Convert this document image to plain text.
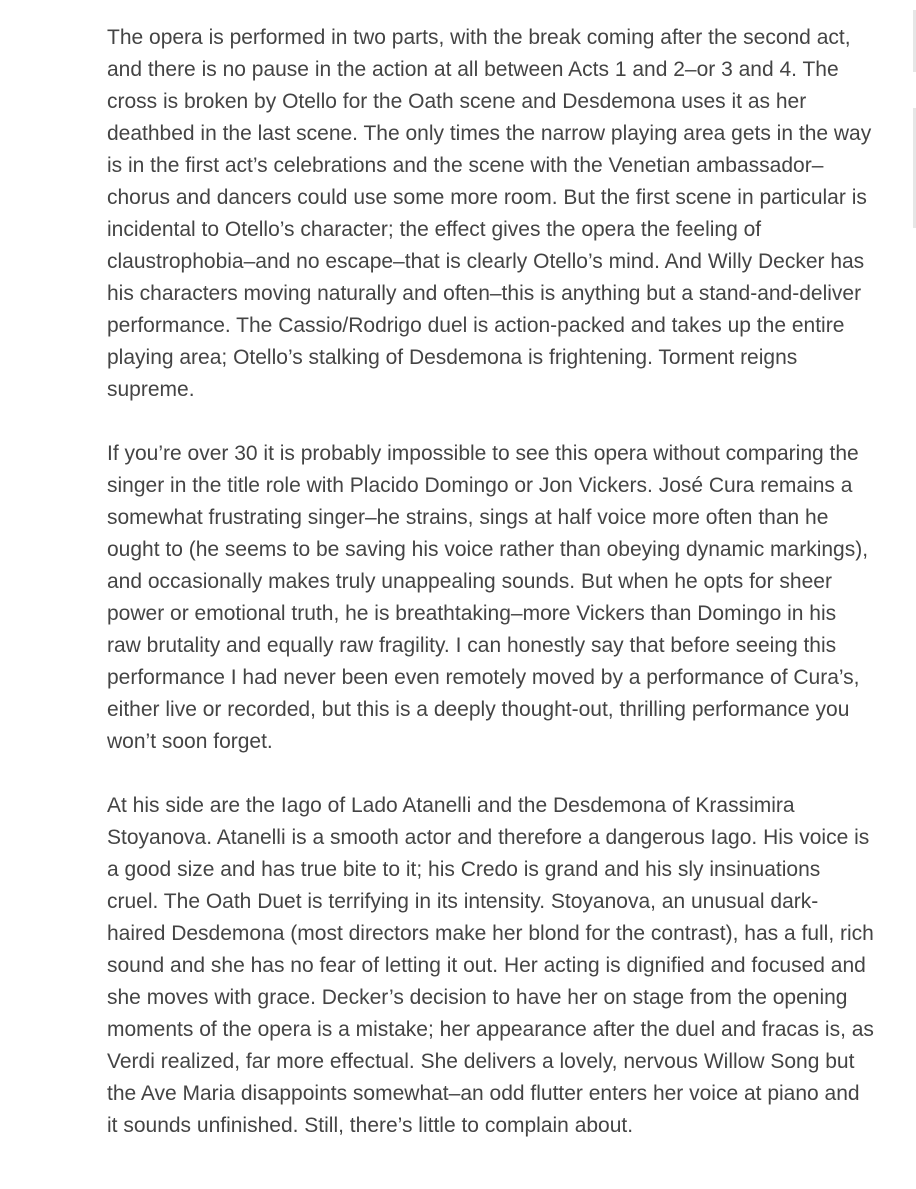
The opera is performed in two parts, with the break coming after the second act, and there is no pause in the action at all between Acts 1 and 2–or 3 and 4. The cross is broken by Otello for the Oath scene and Desdemona uses it as her deathbed in the last scene. The only times the narrow playing area gets in the way is in the first act’s celebrations and the scene with the Venetian ambassador–chorus and dancers could use some more room. But the first scene in particular is incidental to Otello’s character; the effect gives the opera the feeling of claustrophobia–and no escape–that is clearly Otello’s mind. And Willy Decker has his characters moving naturally and often–this is anything but a stand-and-deliver performance. The Cassio/Rodrigo duel is action-packed and takes up the entire playing area; Otello’s stalking of Desdemona is frightening. Torment reigns supreme.

If you’re over 30 it is probably impossible to see this opera without comparing the singer in the title role with Placido Domingo or Jon Vickers. José Cura remains a somewhat frustrating singer–he strains, sings at half voice more often than he ought to (he seems to be saving his voice rather than obeying dynamic markings), and occasionally makes truly unappealing sounds. But when he opts for sheer power or emotional truth, he is breathtaking–more Vickers than Domingo in his raw brutality and equally raw fragility. I can honestly say that before seeing this performance I had never been even remotely moved by a performance of Cura’s, either live or recorded, but this is a deeply thought-out, thrilling performance you won’t soon forget.

At his side are the Iago of Lado Atanelli and the Desdemona of Krassimira Stoyanova. Atanelli is a smooth actor and therefore a dangerous Iago. His voice is a good size and has true bite to it; his Credo is grand and his sly insinuations cruel. The Oath Duet is terrifying in its intensity. Stoyanova, an unusual dark-haired Desdemona (most directors make her blond for the contrast), has a full, rich sound and she has no fear of letting it out. Her acting is dignified and focused and she moves with grace. Decker’s decision to have her on stage from the opening moments of the opera is a mistake; her appearance after the duel and fracas is, as Verdi realized, far more effectual. She delivers a lovely, nervous Willow Song but the Ave Maria disappoints somewhat–an odd flutter enters her voice at piano and it sounds unfinished. Still, there’s little to complain about.
